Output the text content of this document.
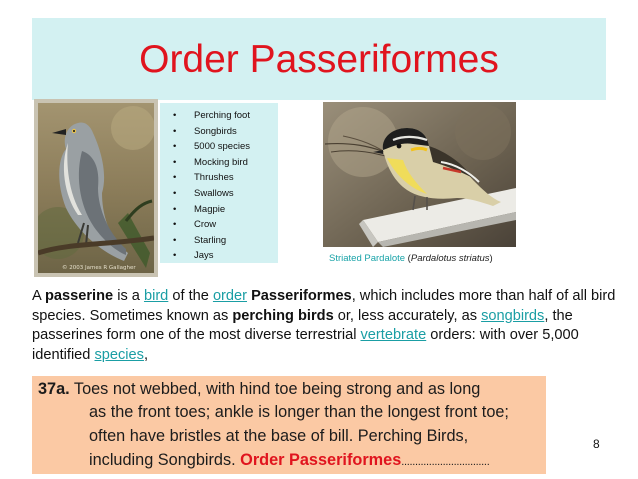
Order Passeriformes
© 2003 James R Gallagher
• Perching foot
• Songbirds
• 5000 species
• Mocking bird
• Thrushes
• Swallows
• Magpie
• Crow
• Starling
• Jays	Striated Pardalote (Pardalotus striatus)
A passerine is a bird of the order Passeriformes, which includes more than half of all bird species. Sometimes known as perching birds or, less accurately, as songbirds, the passerines form one of the most diverse terrestrial vertebrate orders: with over 5,000 identified species,
37a. Toes not webbed, with hind toe being strong and as long
as the front toes; ankle is longer than the longest front toe;
often have bristles at the base of bill. Perching Birds,
including Songbirds. Order Passeriformes................................
8
